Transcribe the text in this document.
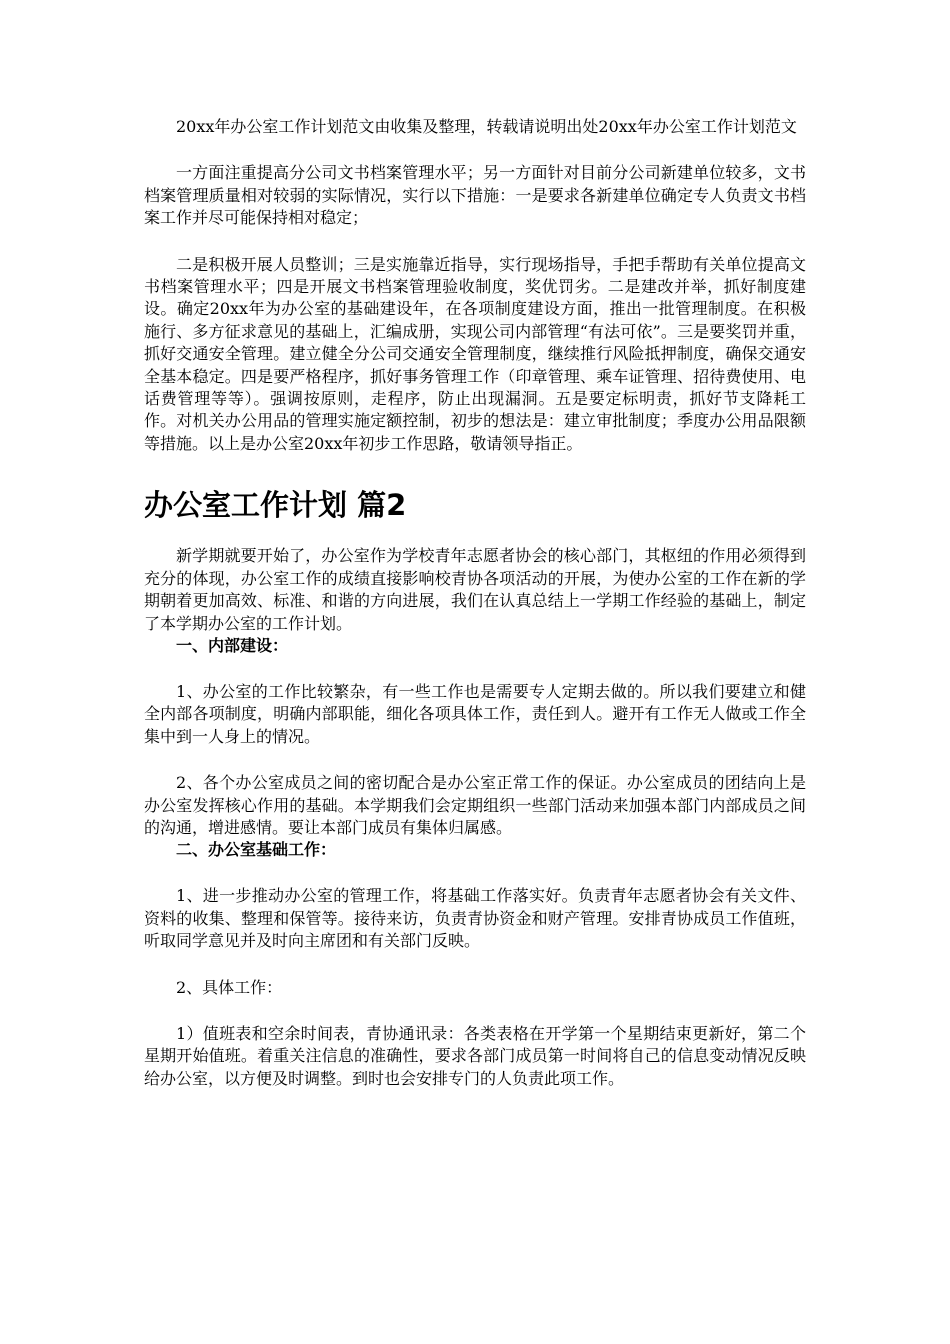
20xx年办公室工作计划范文由收集及整理，转载请说明出处20xx年办公室工作计划范文

一方面注重提高分公司文书档案管理水平；另一方面针对目前分公司新建单位较多，文书档案管理质量相对较弱的实际情况，实行以下措施：一是要求各新建单位确定专人负责文书档案工作并尽可能保持相对稳定；

二是积极开展人员整训；三是实施靠近指导，实行现场指导，手把手帮助有关单位提高文书档案管理水平；四是开展文书档案管理验收制度，奖优罚劣。二是建改并举，抓好制度建设。确定20xx年为办公室的基础建设年，在各项制度建设方面，推出一批管理制度。在积极施行、多方征求意见的基础上，汇编成册，实现公司内部管理“有法可依”。三是要奖罚并重，抓好交通安全管理。建立健全分公司交通安全管理制度，继续推行风险抵押制度，确保交通安全基本稳定。四是要严格程序，抓好事务管理工作（印章管理、乘车证管理、招待费使用、电话费管理等等）。强调按原则，走程序，防止出现漏洞。五是要定标明责，抓好节支降耗工作。对机关办公用品的管理实施定额控制，初步的想法是：建立审批制度；季度办公用品限额等措施。以上是办公室20xx年初步工作思路，敬请领导指正。

办公室工作计划 篇2

新学期就要开始了，办公室作为学校青年志愿者协会的核心部门，其枢纽的作用必须得到充分的体现，办公室工作的成绩直接影响校青协各项活动的开展，为使办公室的工作在新的学期朝着更加高效、标准、和谐的方向进展，我们在认真总结上一学期工作经验的基础上，制定了本学期办公室的工作计划。

一、内部建设：

1、办公室的工作比较繁杂，有一些工作也是需要专人定期去做的。所以我们要建立和健全内部各项制度，明确内部职能，细化各项具体工作，责任到人。避开有工作无人做或工作全集中到一人身上的情况。

2、各个办公室成员之间的密切配合是办公室正常工作的保证。办公室成员的团结向上是办公室发挥核心作用的基础。本学期我们会定期组织一些部门活动来加强本部门内部成员之间的沟通，增进感情。要让本部门成员有集体归属感。

二、办公室基础工作：

1、进一步推动办公室的管理工作，将基础工作落实好。负责青年志愿者协会有关文件、资料的收集、整理和保管等。接待来访，负责青协资金和财产管理。安排青协成员工作值班，听取同学意见并及时向主席团和有关部门反映。

2、具体工作：

1）值班表和空余时间表，青协通讯录：各类表格在开学第一个星期结束更新好，第二个星期开始值班。着重关注信息的准确性，要求各部门成员第一时间将自己的信息变动情况反映给办公室，以方便及时调整。到时也会安排专门的人负责此项工作。
